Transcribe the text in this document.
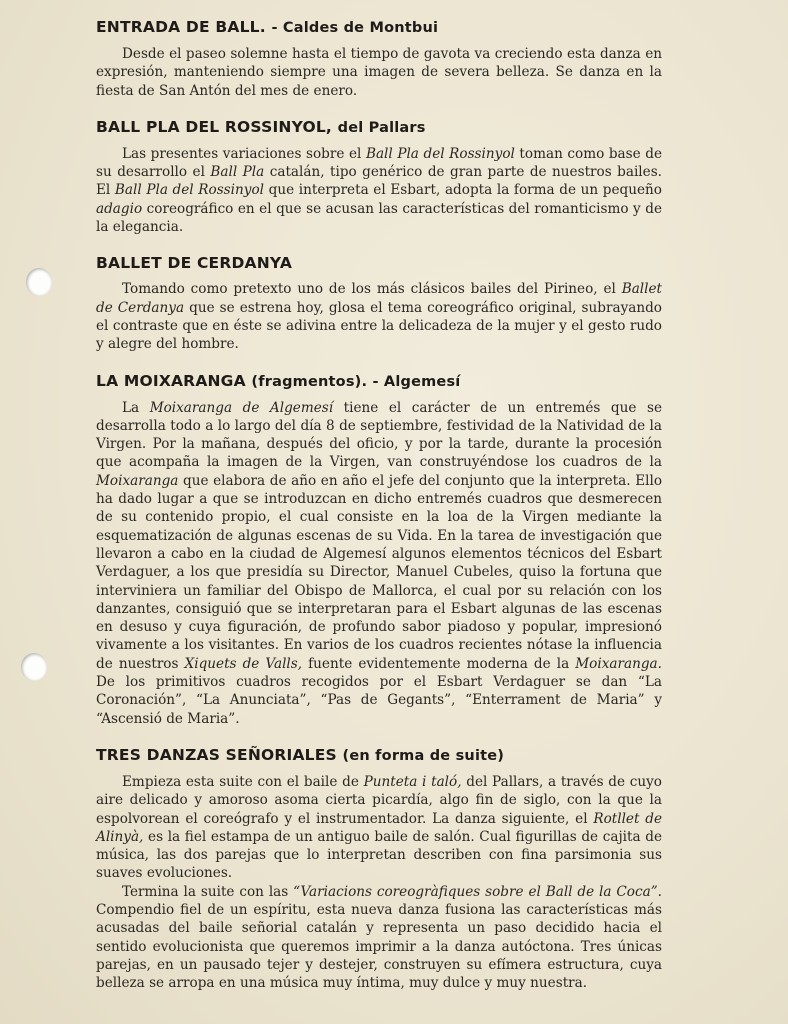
ENTRADA DE BALL. - Caldes de Montbui

Desde el paseo solemne hasta el tiempo de gavota va creciendo esta danza en expresión, manteniendo siempre una imagen de severa belleza. Se danza en la fiesta de San Antón del mes de enero.

BALL PLA DEL ROSSINYOL, del Pallars

Las presentes variaciones sobre el Ball Pla del Rossinyol toman como base de su desarrollo el Ball Pla catalán, tipo genérico de gran parte de nuestros bailes. El Ball Pla del Rossinyol que interpreta el Esbart, adopta la forma de un pequeño adagio coreográfico en el que se acusan las características del romanticismo y de la elegancia.

BALLET DE CERDANYA

Tomando como pretexto uno de los más clásicos bailes del Pirineo, el Ballet de Cerdanya que se estrena hoy, glosa el tema coreográfico original, subrayando el contraste que en éste se adivina entre la delicadeza de la mujer y el gesto rudo y alegre del hombre.

LA MOIXARANGA (fragmentos). - Algemesí

La Moixaranga de Algemesí tiene el carácter de un entremés que se desarrolla todo a lo largo del día 8 de septiembre, festividad de la Natividad de la Virgen. Por la mañana, después del oficio, y por la tarde, durante la procesión que acompaña la imagen de la Virgen, van construyéndose los cuadros de la Moixaranga que elabora de año en año el jefe del conjunto que la interpreta. Ello ha dado lugar a que se introduzcan en dicho entremés cuadros que desmerecen de su contenido propio, el cual consiste en la loa de la Virgen mediante la esquematización de algunas escenas de su Vida. En la tarea de investigación que llevaron a cabo en la ciudad de Algemesí algunos elementos técnicos del Esbart Verdaguer, a los que presidía su Director, Manuel Cubeles, quiso la fortuna que interviniera un familiar del Obispo de Mallorca, el cual por su relación con los danzantes, consiguió que se interpretaran para el Esbart algunas de las escenas en desuso y cuya figuración, de profundo sabor piadoso y popular, impresionó vivamente a los visitantes. En varios de los cuadros recientes nótase la influencia de nuestros Xiquets de Valls, fuente evidentemente moderna de la Moixaranga. De los primitivos cuadros recogidos por el Esbart Verdaguer se dan “La Coronación”, “La Anunciata”, “Pas de Gegants”, “Enterrament de Maria” y “Ascensió de Maria”.

TRES DANZAS SEÑORIALES (en forma de suite)

Empieza esta suite con el baile de Punteta i taló, del Pallars, a través de cuyo aire delicado y amoroso asoma cierta picardía, algo fin de siglo, con la que la espolvorean el coreógrafo y el instrumentador. La danza siguiente, el Rotllet de Alinyà, es la fiel estampa de un antiguo baile de salón. Cual figurillas de cajita de música, las dos parejas que lo interpretan describen con fina parsimonia sus suaves evoluciones.

Termina la suite con las “Variacions coreogràfiques sobre el Ball de la Coca”. Compendio fiel de un espíritu, esta nueva danza fusiona las características más acusadas del baile señorial catalán y representa un paso decidido hacia el sentido evolucionista que queremos imprimir a la danza autóctona. Tres únicas parejas, en un pausado tejer y destejer, construyen su efímera estructura, cuya belleza se arropa en una música muy íntima, muy dulce y muy nuestra.
